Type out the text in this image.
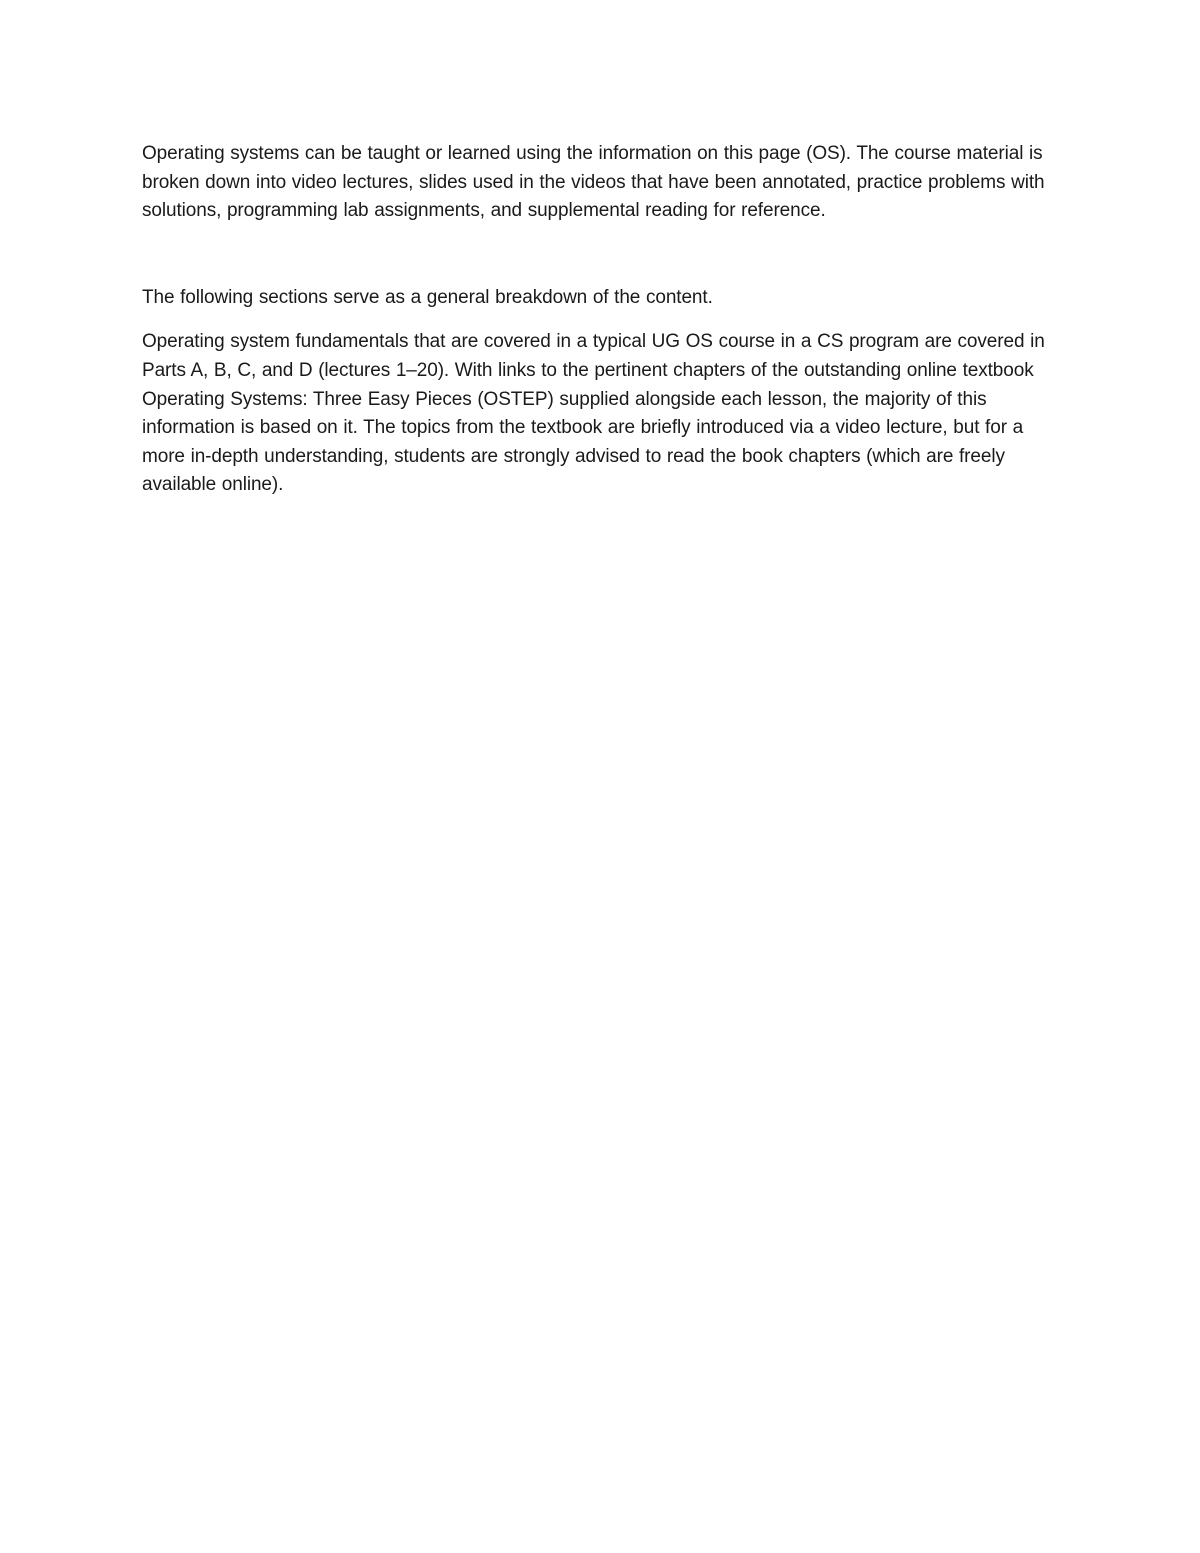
Operating systems can be taught or learned using the information on this page (OS). The course material is broken down into video lectures, slides used in the videos that have been annotated, practice problems with solutions, programming lab assignments, and supplemental reading for reference.

The following sections serve as a general breakdown of the content.

Operating system fundamentals that are covered in a typical UG OS course in a CS program are covered in Parts A, B, C, and D (lectures 1–20). With links to the pertinent chapters of the outstanding online textbook Operating Systems: Three Easy Pieces (OSTEP) supplied alongside each lesson, the majority of this information is based on it. The topics from the textbook are briefly introduced via a video lecture, but for a more in-depth understanding, students are strongly advised to read the book chapters (which are freely available online).
